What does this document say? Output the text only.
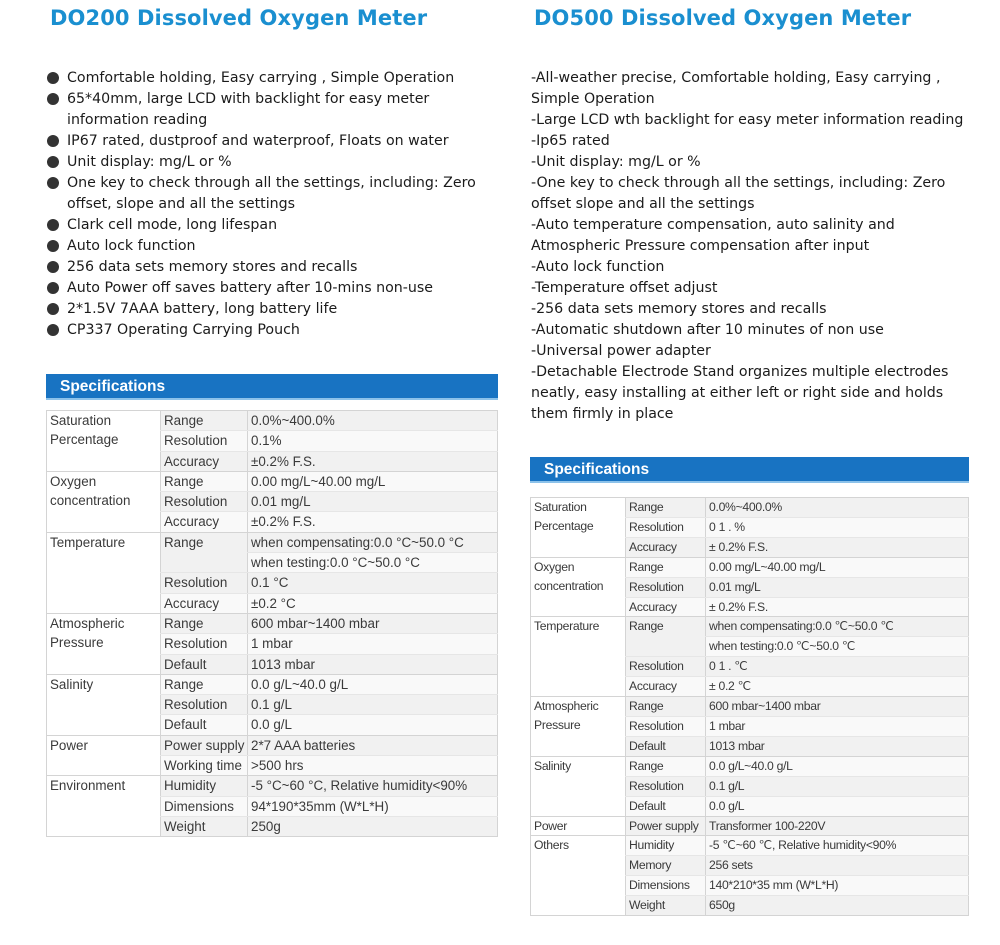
DO200 Dissolved Oxygen Meter
Comfortable holding, Easy carrying , Simple Operation
65*40mm, large LCD with backlight for easy meter information reading
IP67 rated, dustproof and waterproof, Floats on water
Unit display: mg/L or %
One key to check through all the settings, including: Zero offset, slope and all the settings
Clark cell mode, long lifespan
Auto lock function
256 data sets memory stores and recalls
Auto Power off saves battery after 10-mins non-use
2*1.5V 7AAA battery, long battery life
CP337 Operating Carrying Pouch
Specifications
Saturation Percentage	Range	0.0%~400.0%
	Resolution	0.1%
	Accuracy	±0.2% F.S.

Oxygen concentration	Range	0.00 mg/L~40.00 mg/L
	Resolution	0.01 mg/L
	Accuracy	±0.2% F.S.

Temperature	Range	when compensating:0.0 °C~50.0 °C
		when testing:0.0 °C~50.0 °C
	Resolution	0.1 °C
	Accuracy	±0.2 °C

Atmospheric Pressure	Range	600 mbar~1400 mbar
	Resolution	1 mbar
	Default	1013 mbar

Salinity	Range	0.0 g/L~40.0 g/L
	Resolution	0.1 g/L
	Default	0.0 g/L

Power	Power supply	2*7 AAA batteries
	Working time	>500 hrs

Environment	Humidity	-5 °C~60 °C, Relative humidity<90%
	Dimensions	94*190*35mm (W*L*H)
	Weight	250g
DO500 Dissolved Oxygen Meter
-All-weather precise, Comfortable holding, Easy carrying ,
Simple Operation
-Large LCD wth backlight for easy meter information reading
-Ip65 rated
-Unit display: mg/L or %
-One key to check through all the settings, including: Zero
offset slope and all the settings
-Auto temperature compensation, auto salinity and
Atmospheric Pressure compensation after input
-Auto lock function
-Temperature offset adjust
-256 data sets memory stores and recalls
-Automatic shutdown after 10 minutes of non use
-Universal power adapter
-Detachable Electrode Stand organizes multiple electrodes
neatly, easy installing at either left or right side and holds
them firmly in place
Specifications
Saturation Percentage	Range	0.0%~400.0%
	Resolution	0 1 . %
	Accuracy	± 0.2% F.S.

Oxygen concentration	Range	0.00 mg/L~40.00 mg/L
	Resolution	0.01 mg/L
	Accuracy	± 0.2% F.S.

Temperature	Range	when compensating:0.0 ℃~50.0 ℃
		when testing:0.0 ℃~50.0 ℃
	Resolution	0 1 . ℃
	Accuracy	± 0.2 ℃

Atmospheric Pressure	Range	600 mbar~1400 mbar
	Resolution	1 mbar
	Default	1013 mbar

Salinity	Range	0.0 g/L~40.0 g/L
	Resolution	0.1 g/L
	Default	0.0 g/L

Power	Power supply	Transformer 100-220V

Others	Humidity	-5 ℃~60 ℃, Relative humidity<90%
	Memory	256 sets
	Dimensions	140*210*35 mm (W*L*H)
	Weight	650g
